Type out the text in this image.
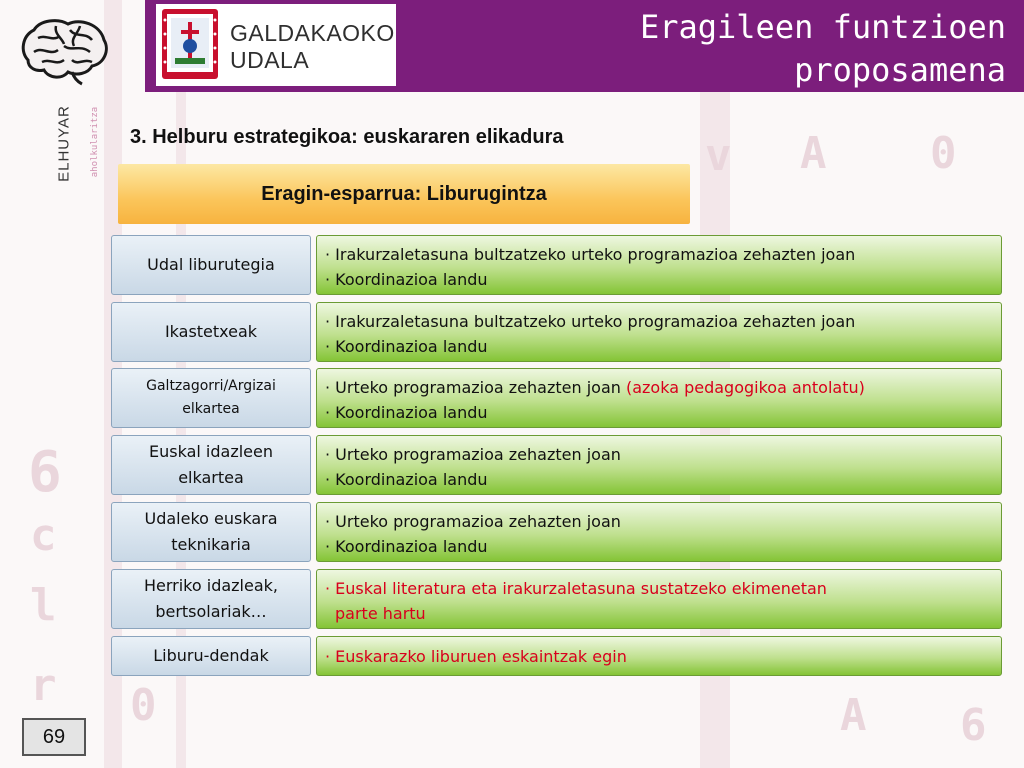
6
c
l
r 0
v A 0
A 6
Eragileen funtzioen
proposamena
GALDAKAOKO
UDALA
ELHUYAR aholkularitza 3. Helburu estrategikoa: euskararen elikadura
Eragin-esparrua: Liburugintza
Udal liburutegia
· Irakurzaletasuna bultzatzeko urteko programazioa zehazten joan
· Koordinazioa landu
Ikastetxeak
· Irakurzaletasuna bultzatzeko urteko programazioa zehazten joan
· Koordinazioa landu
Galtzagorri/Argizai
elkartea
· Urteko programazioa zehazten joan (azoka pedagogikoa antolatu)
· Koordinazioa landu
Euskal idazleen
elkartea
· Urteko programazioa zehazten joan
· Koordinazioa landu
Udaleko euskara
teknikaria
· Urteko programazioa zehazten joan
· Koordinazioa landu
Herriko idazleak,
bertsolariak…
· Euskal literatura eta irakurzaletasuna sustatzeko ekimenetan
parte hartu
Liburu-dendak	· Euskarazko liburuen eskaintzak egin
69
